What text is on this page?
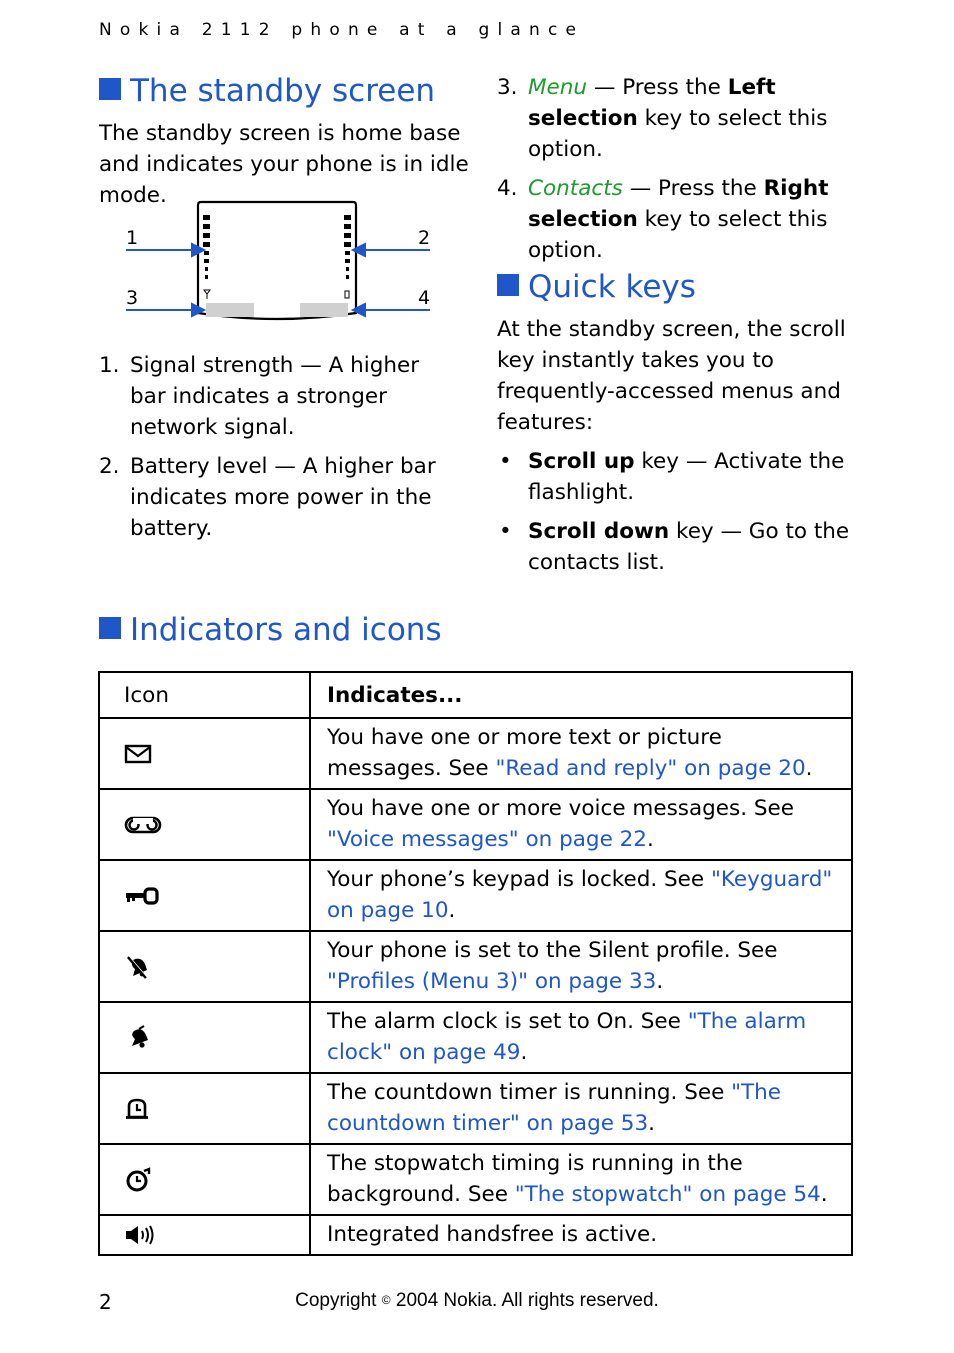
Nokia 2112 phone at a glance
The standby screen

The standby screen is home base and indicates your phone is in idle mode.

1	2
3	4
1. Signal strength — A higher bar indicates a stronger network signal.
2. Battery level — A higher bar indicates more power in the battery.
3. Menu — Press the Left selection key to select this option.
4. Contacts — Press the Right selection key to select this option.
Quick keys

At the standby screen, the scroll key instantly takes you to frequently-accessed menus and features:

• Scroll up key — Activate the flashlight.
• Scroll down key — Go to the contacts list.
Indicators and icons
Icon	Indicates...

	You have one or more text or picture messages. See "Read and reply" on page 20.

	You have one or more voice messages. See "Voice messages" on page 22.

	Your phone’s keypad is locked. See "Keyguard" on page 10.

	Your phone is set to the Silent profile. See "Profiles (Menu 3)" on page 33.

	The alarm clock is set to On. See "The alarm clock" on page 49.

	The countdown timer is running. See "The countdown timer" on page 53.

	The stopwatch timing is running in the background. See "The stopwatch" on page 54.

	Integrated handsfree is active.
2	Copyright © 2004 Nokia. All rights reserved.
